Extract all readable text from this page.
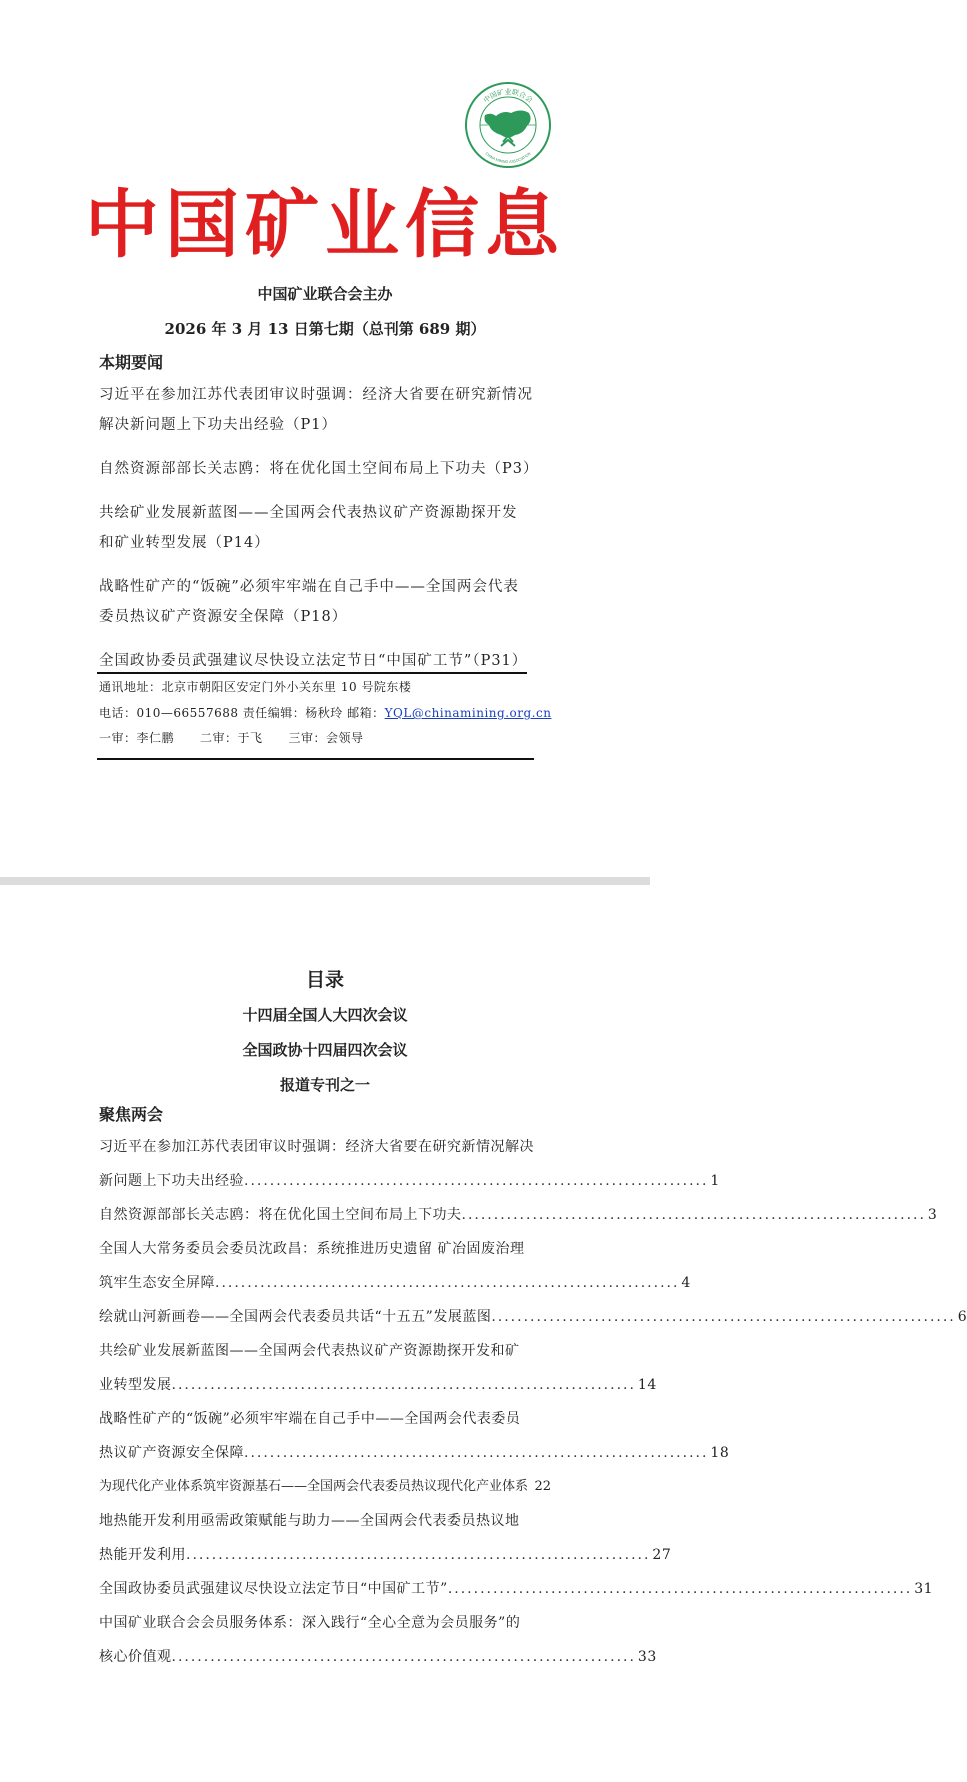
中国矿业联合会
CHINA MINING ASSOCIATION
中国矿业信息
中国矿业联合会主办
2026 年 3 月 13 日第七期（总刊第 689 期）
本期要闻
习近平在参加江苏代表团审议时强调：经济大省要在研究新情况
解决新问题上下功夫出经验（P1）
自然资源部部长关志鸥：将在优化国土空间布局上下功夫（P3）
共绘矿业发展新蓝图——全国两会代表热议矿产资源勘探开发
和矿业转型发展（P14）
战略性矿产的“饭碗”必须牢牢端在自己手中——全国两会代表
委员热议矿产资源安全保障（P18）
全国政协委员武强建议尽快设立法定节日“中国矿工节”（P31）
通讯地址：北京市朝阳区安定门外小关东里 10 号院东楼
电话：010—66557688 责任编辑：杨秋玲 邮箱：YQL@chinamining.org.cn
一审：李仁鹏 二审：于飞 三审：会领导
目录
十四届全国人大四次会议
全国政协十四届四次会议
报道专刊之一
聚焦两会
习近平在参加江苏代表团审议时强调：经济大省要在研究新情况解决
新问题上下功夫出经验 ........................................................................ 1
自然资源部部长关志鸥：将在优化国土空间布局上下功夫 ........................................................................ 3
全国人大常务委员会委员沈政昌：系统推进历史遗留 矿冶固废治理
筑牢生态安全屏障 ........................................................................ 4
绘就山河新画卷——全国两会代表委员共话“十五五”发展蓝图 ........................................................................ 6
共绘矿业发展新蓝图——全国两会代表热议矿产资源勘探开发和矿
业转型发展 ........................................................................ 14
战略性矿产的“饭碗”必须牢牢端在自己手中——全国两会代表委员
热议矿产资源安全保障 ........................................................................ 18
为现代化产业体系筑牢资源基石——全国两会代表委员热议现代化产业体系 22
地热能开发利用亟需政策赋能与助力——全国两会代表委员热议地
热能开发利用 ........................................................................ 27
全国政协委员武强建议尽快设立法定节日“中国矿工节” ........................................................................ 31
中国矿业联合会会员服务体系：深入践行“全心全意为会员服务”的
核心价值观 ........................................................................ 33
